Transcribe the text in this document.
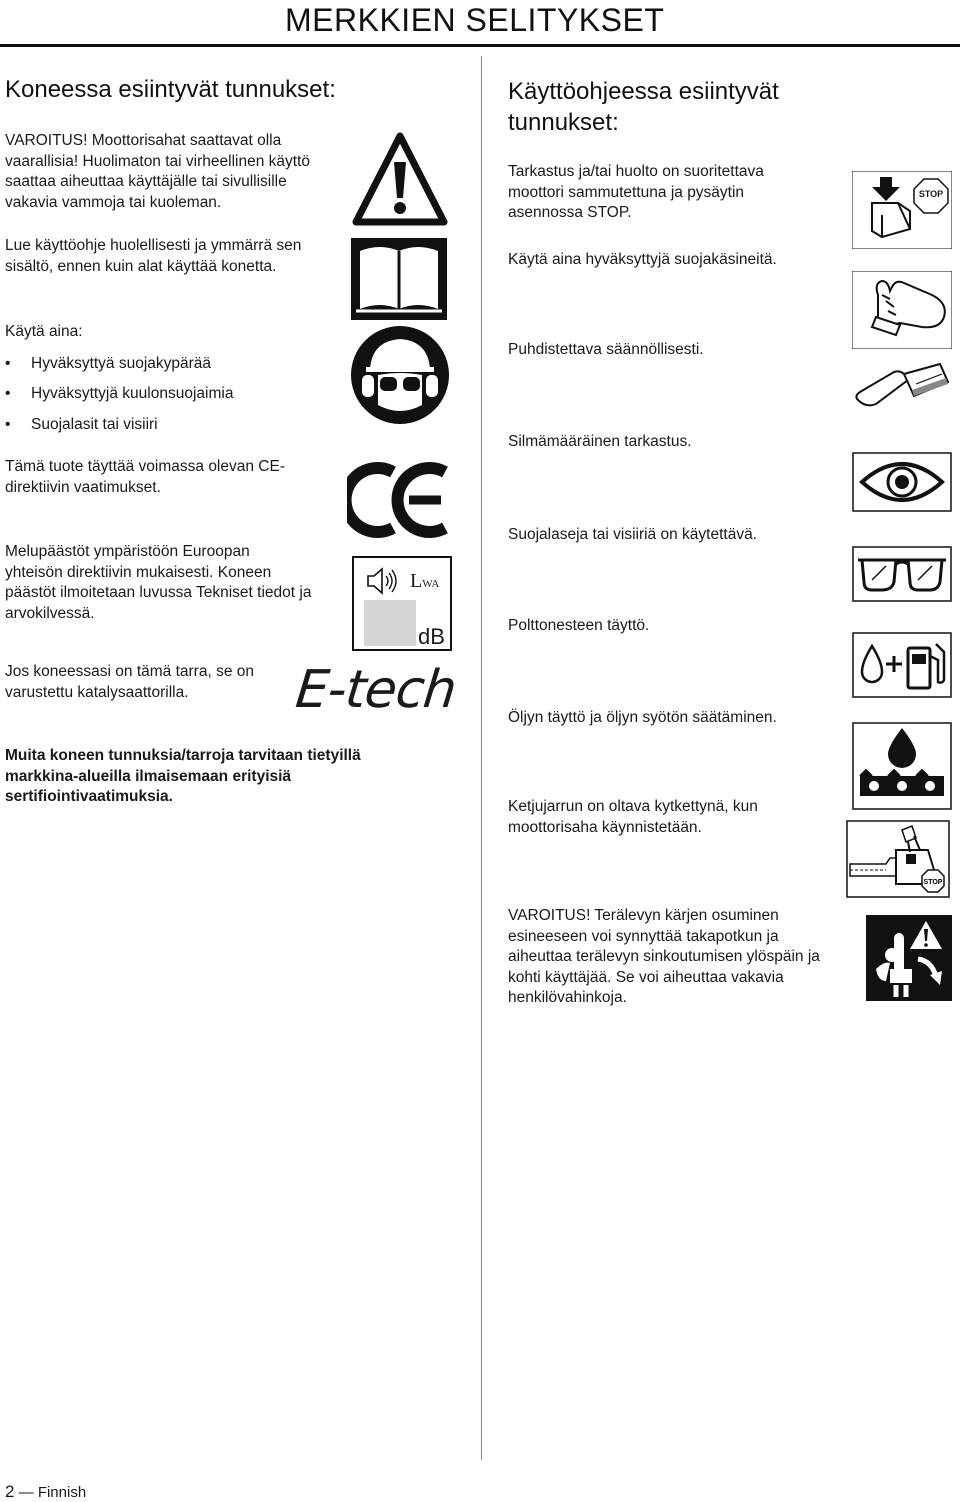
MERKKIEN SELITYKSET
Koneessa esiintyvät tunnukset:
VAROITUS! Moottorisahat saattavat olla
vaarallisia! Huolimaton tai virheellinen käyttö
saattaa aiheuttaa käyttäjälle tai sivullisille
vakavia vammoja tai kuoleman.
Lue käyttöohje huolellisesti ja ymmärrä sen
sisältö, ennen kuin alat käyttää konetta.
Käytä aina:
• Hyväksyttyä suojakypärää
• Hyväksyttyjä kuulonsuojaimia
• Suojalasit tai visiiri
Tämä tuote täyttää voimassa olevan CE-
direktiivin vaatimukset.
Melupäästöt ympäristöön Euroopan
yhteisön direktiivin mukaisesti. Koneen
päästöt ilmoitetaan luvussa Tekniset tiedot ja
arvokilvessä.
LWA
dB
Jos koneessasi on tämä tarra, se on
varustettu katalysaattorilla.	E-tech
Muita koneen tunnuksia/tarroja tarvitaan tietyillä
markkina-alueilla ilmaisemaan erityisiä
sertifiointivaatimuksia.
Käyttöohjeessa esiintyvät
tunnukset:
Tarkastus ja/tai huolto on suoritettava
moottori sammutettuna ja pysäytin
asennossa STOP.
STOP
Käytä aina hyväksyttyjä suojakäsineitä.
Puhdistettava säännöllisesti.
Silmämääräinen tarkastus.
Suojalaseja tai visiiriä on käytettävä.
Polttonesteen täyttö.
Öljyn täyttö ja öljyn syötön säätäminen.
Ketjujarrun on oltava kytkettynä, kun
moottorisaha käynnistetään.
STOP
VAROITUS! Terälevyn kärjen osuminen
esineeseen voi synnyttää takapotkun ja
aiheuttaa terälevyn sinkoutumisen ylöspäin ja
kohti käyttäjää. Se voi aiheuttaa vakavia
henkilövahinkoja.
2 — Finnish
